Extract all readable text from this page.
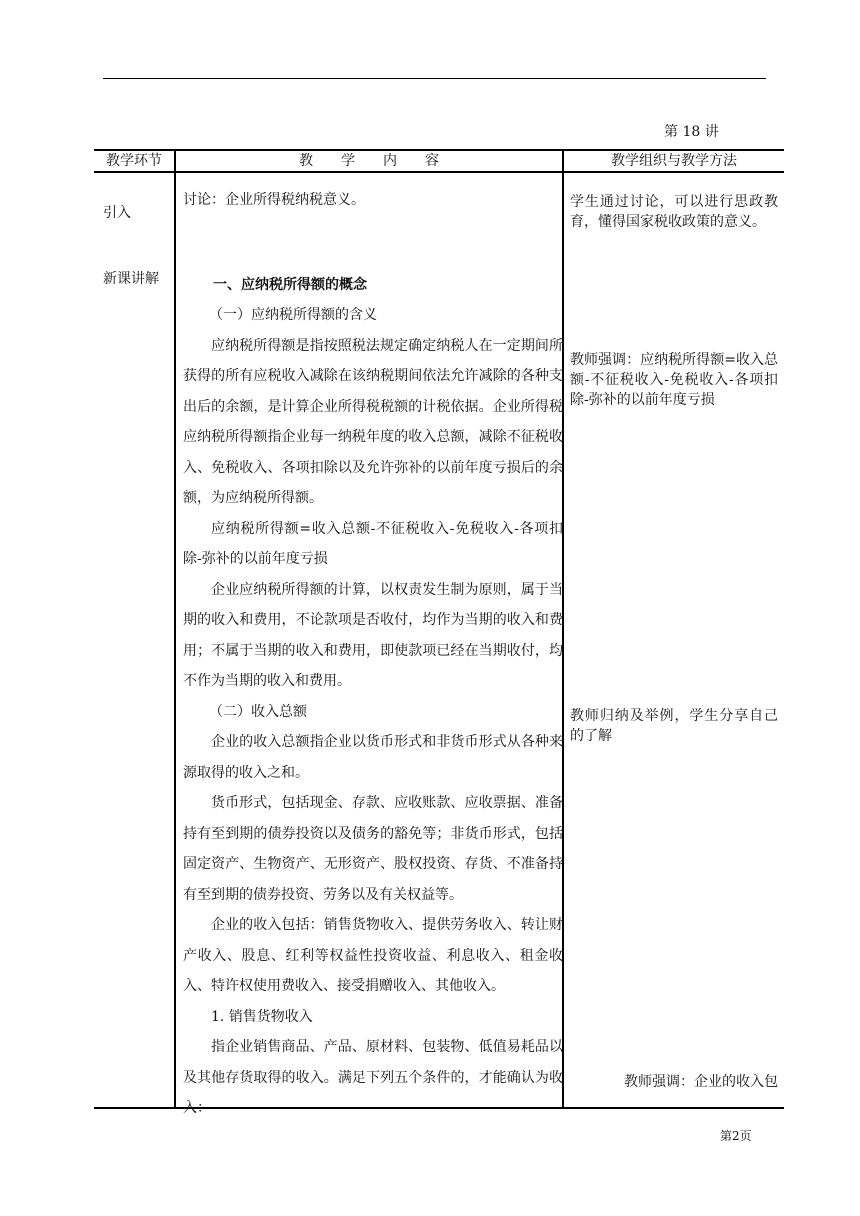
第 18 讲
教学环节	教　　学　　内　　容	教学组织与教学方法
引入
新课讲解

讨论：企业所得税纳税意义。

一、应纳税所得额的概念

（一）应纳税所得额的含义

应纳税所得额是指按照税法规定确定纳税人在一定期间所获得的所有应税收入减除在该纳税期间依法允许减除的各种支出后的余额，是计算企业所得税税额的计税依据。企业所得税应纳税所得额指企业每一纳税年度的收入总额，减除不征税收入、免税收入、各项扣除以及允许弥补的以前年度亏损后的余额，为应纳税所得额。

应纳税所得额=收入总额-不征税收入-免税收入-各项扣除-弥补的以前年度亏损

企业应纳税所得额的计算，以权责发生制为原则，属于当期的收入和费用，不论款项是否收付，均作为当期的收入和费用；不属于当期的收入和费用，即使款项已经在当期收付，均不作为当期的收入和费用。

（二）收入总额

企业的收入总额指企业以货币形式和非货币形式从各种来源取得的收入之和。

货币形式，包括现金、存款、应收账款、应收票据、准备持有至到期的债券投资以及债务的豁免等；非货币形式，包括固定资产、生物资产、无形资产、股权投资、存货、不准备持有至到期的债券投资、劳务以及有关权益等。

企业的收入包括：销售货物收入、提供劳务收入、转让财产收入、股息、红利等权益性投资收益、利息收入、租金收入、特许权使用费收入、接受捐赠收入、其他收入。

1. 销售货物收入

指企业销售商品、产品、原材料、包装物、低值易耗品以及其他存货取得的收入。满足下列五个条件的，才能确认为收入：

学生通过讨论，可以进行思政教育，懂得国家税收政策的意义。
教师强调：应纳税所得额=收入总额-不征税收入-免税收入-各项扣除-弥补的以前年度亏损
教师归纳及举例，学生分享自己的了解
教师强调：企业的收入包
第2页
